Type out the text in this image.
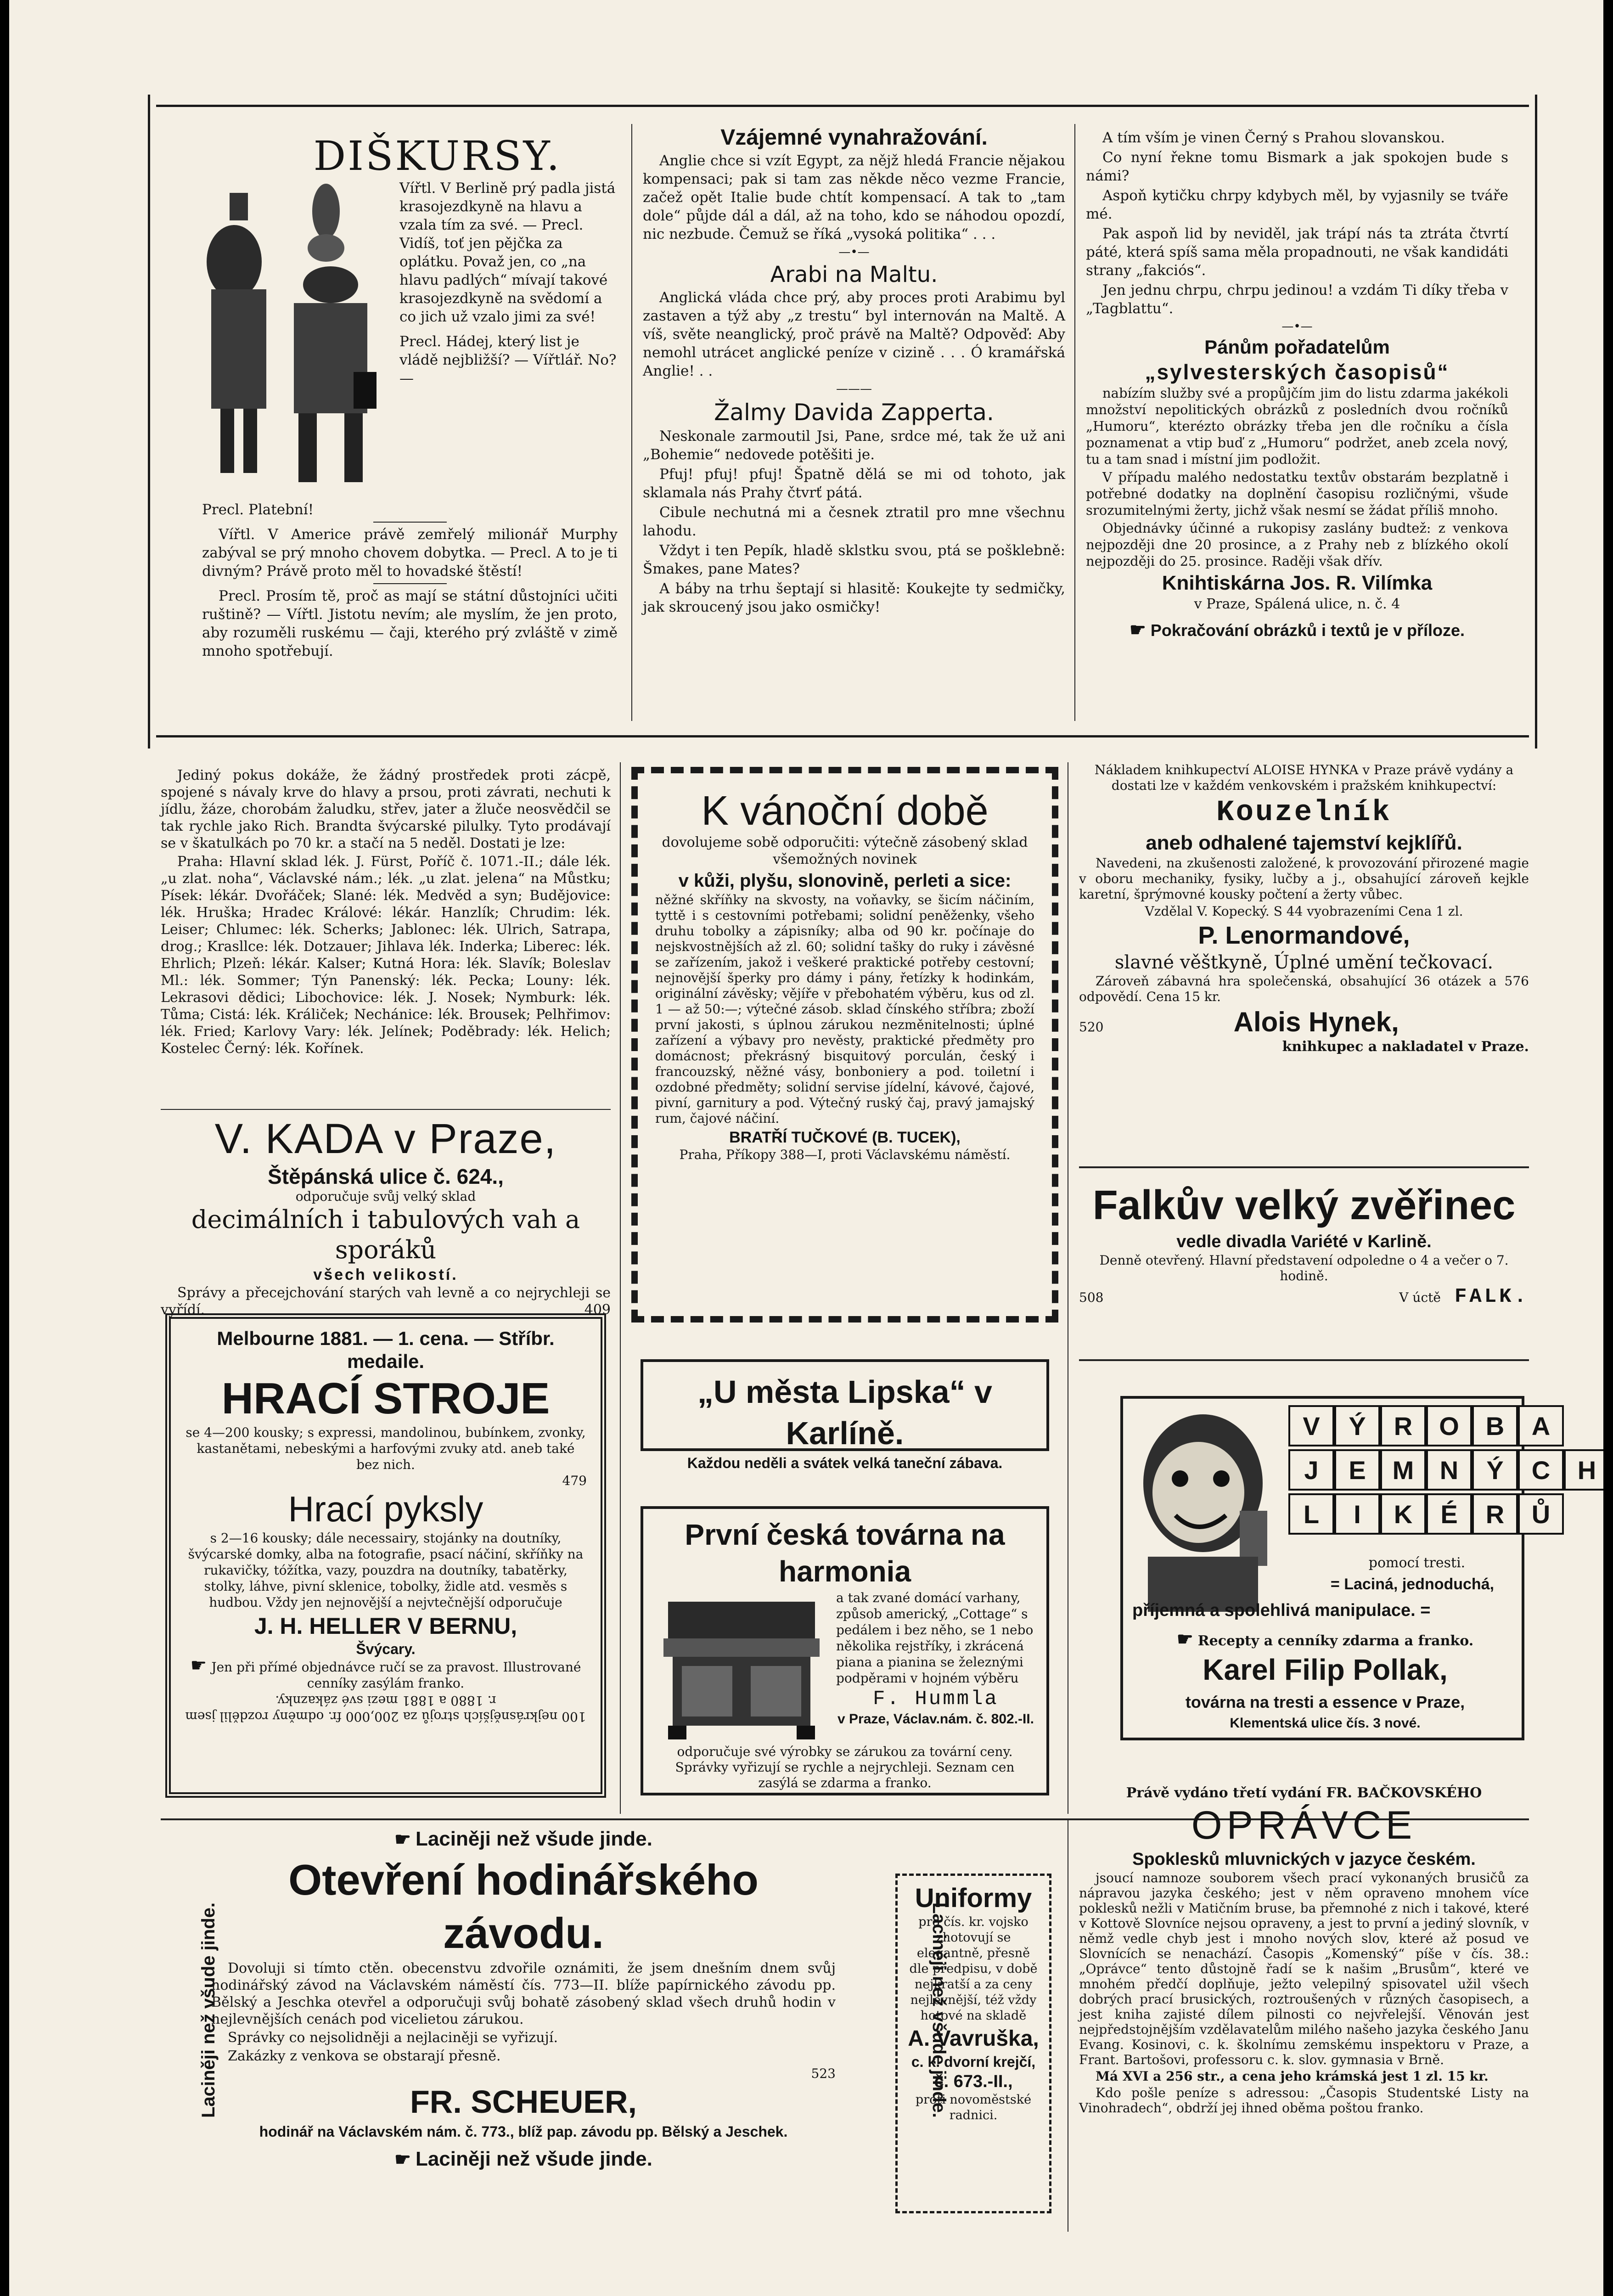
DIŠKURSY.

Vířtl. V Berlině prý padla jistá krasojezdkyně na hlavu a vzala tím za své. — Precl. Vidíš, toť jen pějčka za oplátku. Považ jen, co „na hlavu padlých“ mívají takové krasojezdkyně na svědomí a co jich už vzalo jimi za své!

Precl. Hádej, který list je vládě nejbližší? — Vířtlář. No? —

Precl. Platební!

Vířtl. V Americe právě zemřelý milionář Murphy zabýval se prý mnoho chovem dobytka. — Precl. A to je ti divným? Právě proto měl to hovadské štěstí!

Precl. Prosím tě, proč as mají se státní důstojníci učiti ruštině? — Vířtl. Jistotu nevím; ale myslím, že jen proto, aby rozuměli ruskému — čaji, kterého prý zvláště v zimě mnoho spotřebují.

Vzájemné vynahražování.

Anglie chce si vzít Egypt, za nějž hledá Francie nějakou kompensaci; pak si tam zas někde něco vezme Francie, začež opět Italie bude chtít kompensací. A tak to „tam dole“ půjde dál a dál, až na toho, kdo se náhodou opozdí, nic nezbude. Čemuž se říká „vysoká politika“ . . .

—•—
Arabi na Maltu.

Anglická vláda chce prý, aby proces proti Arabimu byl zastaven a týž aby „z trestu“ byl internován na Maltě. A víš, světe neanglický, proč právě na Maltě? Odpověď: Aby nemohl utrácet anglické peníze v cizině . . . Ó kramářská Anglie! . .

———
Žalmy Davida Zapperta.

Neskonale zarmoutil Jsi, Pane, srdce mé, tak že už ani „Bohemie“ nedovede potěšiti je.

Pfuj! pfuj! pfuj! Špatně dělá se mi od tohoto, jak sklamala nás Prahy čtvrť pátá.

Cibule nechutná mi a česnek ztratil pro mne všechnu lahodu.

Vždyt i ten Pepík, hladě sklstku svou, ptá se pošklebně: Šmakes, pane Mates?

A báby na trhu šeptají si hlasitě: Koukejte ty sedmičky, jak skroucený jsou jako osmičky!

A tím vším je vinen Černý s Prahou slovanskou.

Co nyní řekne tomu Bismark a jak spokojen bude s námi?

Aspoň kytičku chrpy kdybych měl, by vyjasnily se tváře mé.

Pak aspoň lid by neviděl, jak trápí nás ta ztráta čtvrtí páté, která spíš sama měla propadnouti, ne však kandidáti strany „fakciós“.

Jen jednu chrpu, chrpu jedinou! a vzdám Ti díky třeba v „Tagblattu“.

—•—
Pánům pořadatelům
„sylvesterských časopisů“

nabízím služby své a propůjčím jim do listu zdarma jakékoli množství nepolitických obrázků z posledních dvou ročníků „Humoru“, kterézto obrázky třeba jen dle ročníku a čísla poznamenat a vtip buď z „Humoru“ podržet, aneb zcela nový, tu a tam snad i místní jim podložit.

V případu malého nedostatku textův obstarám bezplatně i potřebné dodatky na doplnění časopisu rozličnými, všude srozumitelnými žerty, jichž však nesmí se žádat příliš mnoho.

Objednávky účinné a rukopisy zaslány budtež: z venkova nejpozději dne 20 prosince, a z Prahy neb z blízkého okolí nejpozději do 25. prosince. Raději však dřív.

Knihtiskárna Jos. R. Vilímka
v Praze, Spálená ulice, n. č. 4
☛ Pokračování obrázků i textů je v příloze.

Jediný pokus dokáže, že žádný prostředek proti zácpě, spojené s návaly krve do hlavy a prsou, proti závrati, nechuti k jídlu, žáze, chorobám žaludku, střev, jater a žluče neosvědčil se tak rychle jako Rich. Brandta švýcarské pilulky. Tyto prodávají se v škatulkách po 70 kr. a stačí na 5 neděl. Dostati je lze:

Praha: Hlavní sklad lék. J. Fürst, Poříč č. 1071.-II.; dále lék. „u zlat. noha“, Václavské nám.; lék. „u zlat. jelena“ na Můstku; Písek: lékár. Dvořáček; Slané: lék. Medvěd a syn; Budějovice: lék. Hruška; Hradec Králové: lékár. Hanzlík; Chrudim: lék. Leiser; Chlumec: lék. Scherks; Jablonec: lék. Ulrich, Satrapa, drog.; Krasllce: lék. Dotzauer; Jihlava lék. Inderka; Liberec: lék. Ehrlich; Plzeň: lékár. Kalser; Kutná Hora: lék. Slavík; Boleslav Ml.: lék. Sommer; Týn Panenský: lék. Pecka; Louny: lék. Lekrasovi dědici; Libochovice: lék. J. Nosek; Nymburk: lék. Tůma; Cistá: lék. Králiček; Nechánice: lék. Brousek; Pelhřimov: lék. Fried; Karlovy Vary: lék. Jelínek; Poděbrady: lék. Helich; Kostelec Černý: lék. Kořínek.

V. KADA v Praze,
Štěpánská ulice č. 624.,
odporučuje svůj velký sklad
decimálních i tabulových vah a sporáků
všech velikostí.

Správy a přecejchování starých vah levně a co nejrychleji se vyřídí.	409

Melbourne 1881. — 1. cena. — Stříbr. medaile.
HRACÍ STROJE

se 4—200 kousky; s expressi, mandolinou, bubínkem, zvonky, kastanětami, nebeskými a harfovými zvuky atd. aneb také bez nich.

479
Hrací pyksly

s 2—16 kousky; dále necessairy, stojánky na doutníky, švýcarské domky, alba na fotografie, psací náčiní, skříňky na rukavičky, tóžítka, vazy, pouzdra na doutníky, tabatěrky, stolky, láhve, pivní sklenice, tobolky, židle atd. vesměs s hudbou. Vždy jen nejnovější a nejvtečnější odporučuje

J. H. HELLER V BERNU,
Švýcary.

☛ Jen při přímé objednávce ručí se za pravost. Illustrované cenníky zasýlám franko.

100 nejkrásnějších strojů za 200,000 fr. odměny rozdělil jsem r. 1880 a 1881 mezi své zákaznky.

K vánoční době

dovolujeme sobě odporučiti: výtečně zásobený sklad všemožných novinek

v kůži, plyšu, slonovině, perleti a sice:

něžné skříňky na skvosty, na voňavky, se šicím náčiním, tyttě i s cestovními potřebami; solidní peněženky, všeho druhu tobolky a zápisníky; alba od 90 kr. počínaje do nejskvostnějších až zl. 60; solidní tašky do ruky i závěsné se zařízením, jakož i veškeré praktické potřeby cestovní; nejnovější šperky pro dámy i pány, řetízky k hodinkám, originální závěsky; vějíře v přebohatém výběru, kus od zl. 1 — až 50:—; výtečné zásob. sklad čínského stříbra; zboží první jakosti, s úplnou zárukou nezměnitelnosti; úplné zařízení a výbavy pro nevěsty, praktické předměty pro domácnost; překrásný bisquitový porculán, český i francouzský, něžné vásy, bonboniery a pod. toiletní i ozdobné předměty; solidní servise jídelní, kávové, čajové, pivní, garnitury a pod. Výtečný ruský čaj, pravý jamajský rum, čajové náčiní.

BRATŘÍ TUČKOVÉ (B. TUCEK),
Praha, Příkopy 388—I, proti Václavskému náměstí.
„U města Lipska“ v Karlíně.
Každou neděli a svátek velká taneční zábava.
První česká továrna na harmonia

a tak zvané domácí varhany, způsob americký, „Cottage“ s pedálem i bez něho, se 1 nebo několika rejstříky, i zkrácená piana a pianina se železnými podpěrami v hojném výběru

F. Hummla
v Praze, Václav.nám. č. 802.-II.

odporučuje své výrobky se zárukou za tovární ceny. Správky vyřizují se rychle a nejrychleji. Seznam cen zasýlá se zdarma a franko.

Nákladem knihkupectví ALOISE HYNKA v Praze právě vydány a dostati lze v každém venkovském i pražském knihkupectví:

Kouzelník
aneb odhalené tajemství kejklířů.

Navedeni, na zkušenosti založené, k provozování přirozené magie v oboru mechaniky, fysiky, lučby a j., obsahující zároveň kejkle karetní, šprýmovné kousky počtení a žerty vůbec.

Vzdělal V. Kopecký. S 44 vyobrazeními Cena 1 zl.
P. Lenormandové,
slavné věštkyně, Úplné umění tečkovací.

Zároveň zábavná hra společenská, obsahující 36 otázek a 576 odpovědí. Cena 15 kr.

520	Alois Hynek,
knihkupec a nakladatel v Praze.
Falkův velký zvěřinec
vedle divadla Variété v Karlině.

Denně otevřený. Hlavní představení odpoledne o 4 a večer o 7. hodině.

508	V úctě FALK.
V	Ý	R	O	B	A
J	E	M	N	Ý	C	H
L	I	K	É	R	Ů
pomocí tresti.
= Laciná, jednoduchá,
příjemná a spolehlivá manipulace. =
☛ Recepty a cenníky zdarma a franko.
Karel Filip Pollak,
továrna na tresti a essence v Praze,
Klementská ulice čís. 3 nové.
☛ Laciněji než všude jinde.
Laciněji než všude jinde.	Laciněji než všude jinde.
Otevření hodinářského závodu.

Dovoluji si tímto ctěn. obecenstvu zdvořile oznámiti, že jsem dnešním dnem svůj hodinářský závod na Václavském náměstí čís. 773—II. blíže papírnického závodu pp. Bělský a Jeschka otevřel a odporučuji svůj bohatě zásobený sklad všech druhů hodin v nejlevnějších cenách pod vicelietou zárukou.

Správky co nejsolidněji a nejlaciněji se vyřizují.

Zakázky z venkova se obstarají přesně.

523
FR. SCHEUER,
hodinář na Václavském nám. č. 773., blíž pap. závodu pp. Bělský a Jeschek.
☛ Laciněji než všude jinde.
Uniformy

pro čís. kr. vojsko zhotovují se elegantně, přesně dle předpisu, v době nejkratší a za ceny nejlevnější, též vždy hotové na skladě

A. Vavruška,
c. k. dvorní krejčí,
č. 673.-II.,
proti novoměstské radnici.
Právě vydáno třetí vydání FR. BAČKOVSKÉHO
OPRÁVCE
Spoklesků mluvnických v jazyce českém.

jsoucí namnoze souborem všech prací vykonaných brusičů za nápravou jazyka českého; jest v něm opraveno mnohem více poklesků nežli v Matičním bruse, ba přemnohé z nich i takové, které v Kottově Slovníce nejsou opraveny, a jest to první a jediný slovník, v němž vedle chyb jest i mnoho nových slov, které až posud ve Slovnících se nenachází. Časopis „Komenský“ píše v čís. 38.: „Oprávce“ tento důstojně řadí se k našim „Brusům“, které ve mnohém předčí doplňuje, ježto velepilný spisovatel užil všech dobrých prací brusických, roztroušených v různých časopisech, a jest kniha zajisté dílem pilnosti co nejvřelejší. Věnován jest nejpředstojnějším vzdělavatelům milého našeho jazyka českého Janu Evang. Kosinovi, c. k. školnímu zemskému inspektoru v Praze, a Frant. Bartošovi, professoru c. k. slov. gymnasia v Brně.

Má XVI a 256 str., a cena jeho krámská jest 1 zl. 15 kr.

Kdo pošle peníze s adressou: „Časopis Studentské Listy na Vinohradech“, obdrží jej ihned oběma poštou franko.
